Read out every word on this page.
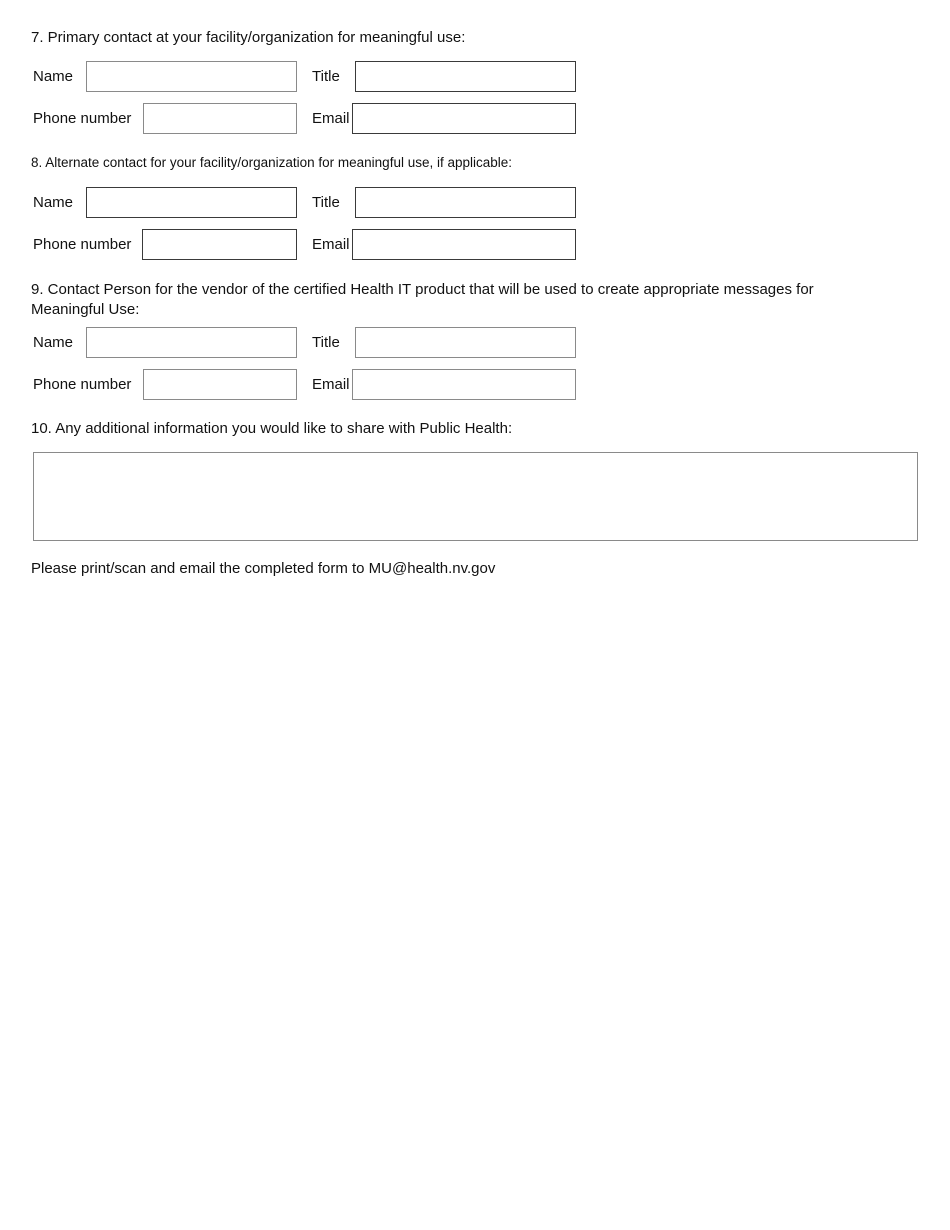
7. Primary contact at your facility/organization for meaningful use:
Name	Title
Phone number	Email
8. Alternate contact for your facility/organization for meaningful use, if applicable:
Name	Title
Phone number	Email
9. Contact Person for the vendor of the certified Health IT product that will be used to create appropriate messages for Meaningful Use:
Name	Title
Phone number	Email
10. Any additional information you would like to share with Public Health:
Please print/scan and email the completed form to MU@health.nv.gov
